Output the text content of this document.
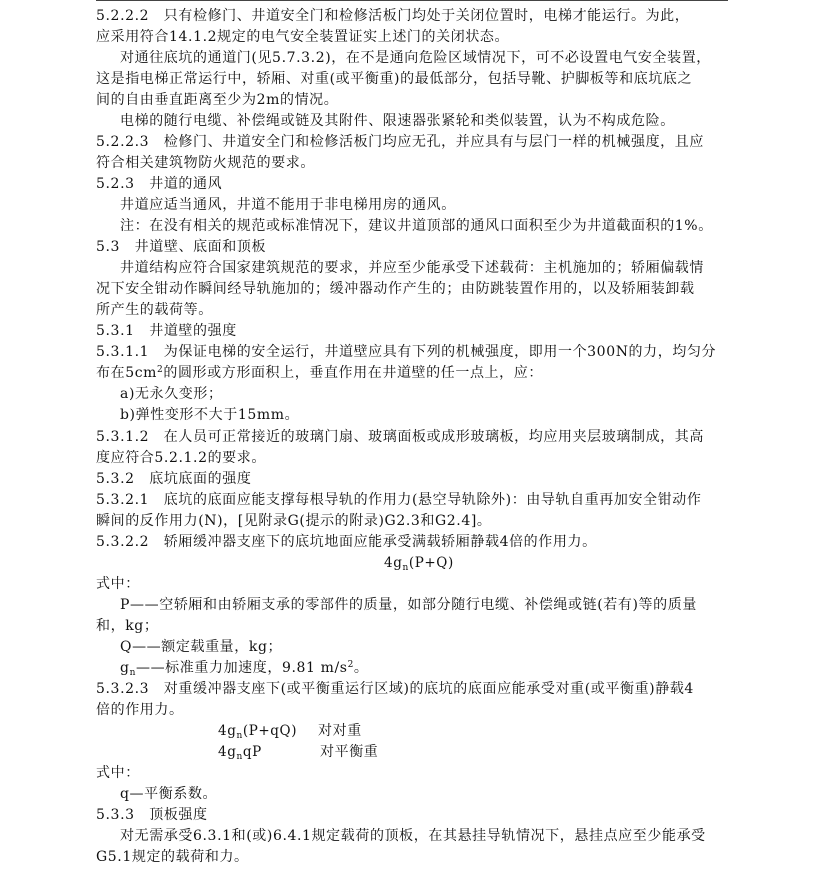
5.2.2.2　只有检修门、井道安全门和检修活板门均处于关闭位置时，电梯才能运行。为此，
应采用符合14.1.2规定的电气安全装置证实上述门的关闭状态。
对通往底坑的通道门(见5.7.3.2)，在不是通向危险区域情况下，可不必设置电气安全装置，
这是指电梯正常运行中，轿厢、对重(或平衡重)的最低部分，包括导靴、护脚板等和底坑底之
间的自由垂直距离至少为2m的情况。
电梯的随行电缆、补偿绳或链及其附件、限速器张紧轮和类似装置，认为不构成危险。
5.2.2.3　检修门、井道安全门和检修活板门均应无孔，并应具有与层门一样的机械强度，且应
符合相关建筑物防火规范的要求。
5.2.3　井道的通风
井道应适当通风，井道不能用于非电梯用房的通风。
注：在没有相关的规范或标准情况下，建议井道顶部的通风口面积至少为井道截面积的1%。
5.3　井道壁、底面和顶板
井道结构应符合国家建筑规范的要求，并应至少能承受下述载荷：主机施加的；轿厢偏载情
况下安全钳动作瞬间经导轨施加的；缓冲器动作产生的；由防跳装置作用的，以及轿厢装卸载
所产生的载荷等。
5.3.1　井道壁的强度
5.3.1.1　为保证电梯的安全运行，井道壁应具有下列的机械强度，即用一个300N的力，均匀分
布在$5cm^2$的圆形或方形面积上，垂直作用在井道壁的任一点上，应：
a)无永久变形；
b)弹性变形不大于15mm。
5.3.1.2　在人员可正常接近的玻璃门扇、玻璃面板或成形玻璃板，均应用夹层玻璃制成，其高
度应符合5.2.1.2的要求。
5.3.2　底坑底面的强度
5.3.2.1　底坑的底面应能支撑每根导轨的作用力(悬空导轨除外)：由导轨自重再加安全钳动作
瞬间的反作用力(N)，[见附录G(提示的附录)G2.3和G2.4]。
5.3.2.2　轿厢缓冲器支座下的底坑地面应能承受满载轿厢静载4倍的作用力。
$4g_n(P+Q)$
式中：
P——空轿厢和由轿厢支承的零部件的质量，如部分随行电缆、补偿绳或链(若有)等的质量
和，kg；
Q——额定载重量，kg；
$g_n——$标准重力加速度，9.81 $m/s^2$。
5.3.2.3　对重缓冲器支座下(或平衡重运行区域)的底坑的底面应能承受对重(或平衡重)静载4
倍的作用力。
$4g_n(P+qQ)$ 对对重
$4g_nqP$	对平衡重
式中：
q—平衡系数。
5.3.3　顶板强度
对无需承受6.3.1和(或)6.4.1规定载荷的顶板，在其悬挂导轨情况下，悬挂点应至少能承受
G5.1规定的载荷和力。
